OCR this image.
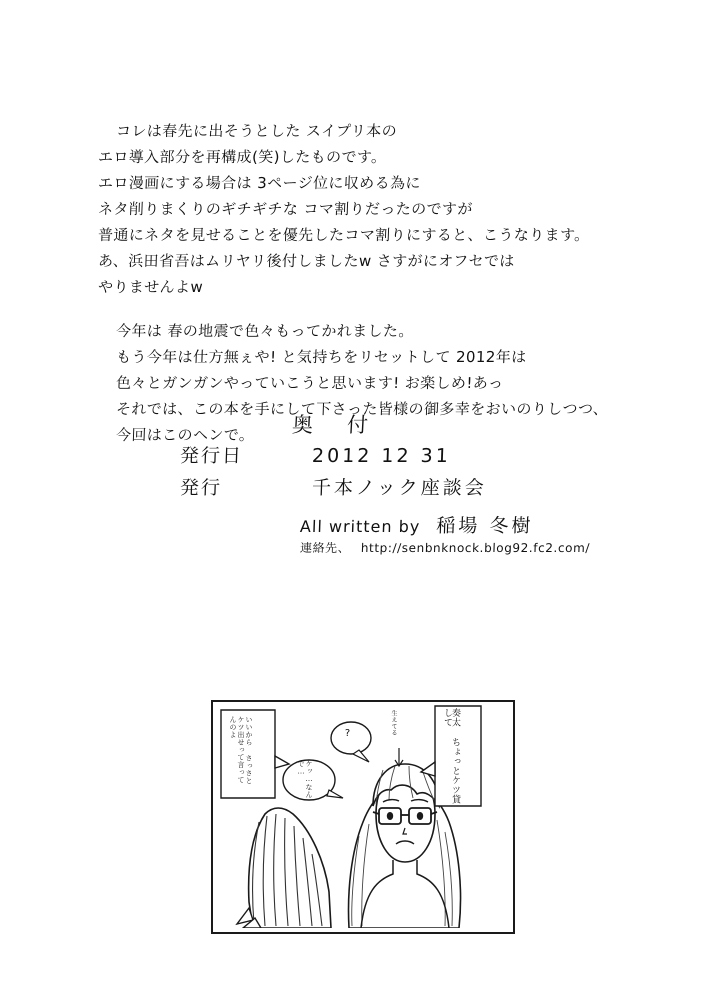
コレは春先に出そうとした スイプリ本の
エロ導入部分を再構成(笑)したものです。
エロ漫画にする場合は 3ページ位に収める為に
ネタ削りまくりのギチギチな コマ割りだったのですが
普通にネタを見せることを優先したコマ割りにすると、こうなります。
あ、浜田省吾はムリヤリ後付しましたw さすがにオフセでは
やりませんよw
今年は 春の地震で色々もってかれました。
もう今年は仕方無ぇや! と気持ちをリセットして 2012年は
色々とガンガンやっていこうと思います! お楽しめ!あっ
それでは、この本を手にして下さった皆様の御多幸をおいのりしつつ、
今回はこのヘンで。	奥付
発行日	2012 12 31
発行	千本ノック座談会
All written by 稲場 冬樹
連絡先、 http://senbnknock.blog92.fc2.com/
いいから さっさと ケツ出せって言ってんのよ
ケッ…なんで…
?	生えてる	奏太 ちょっとケツ貸して
